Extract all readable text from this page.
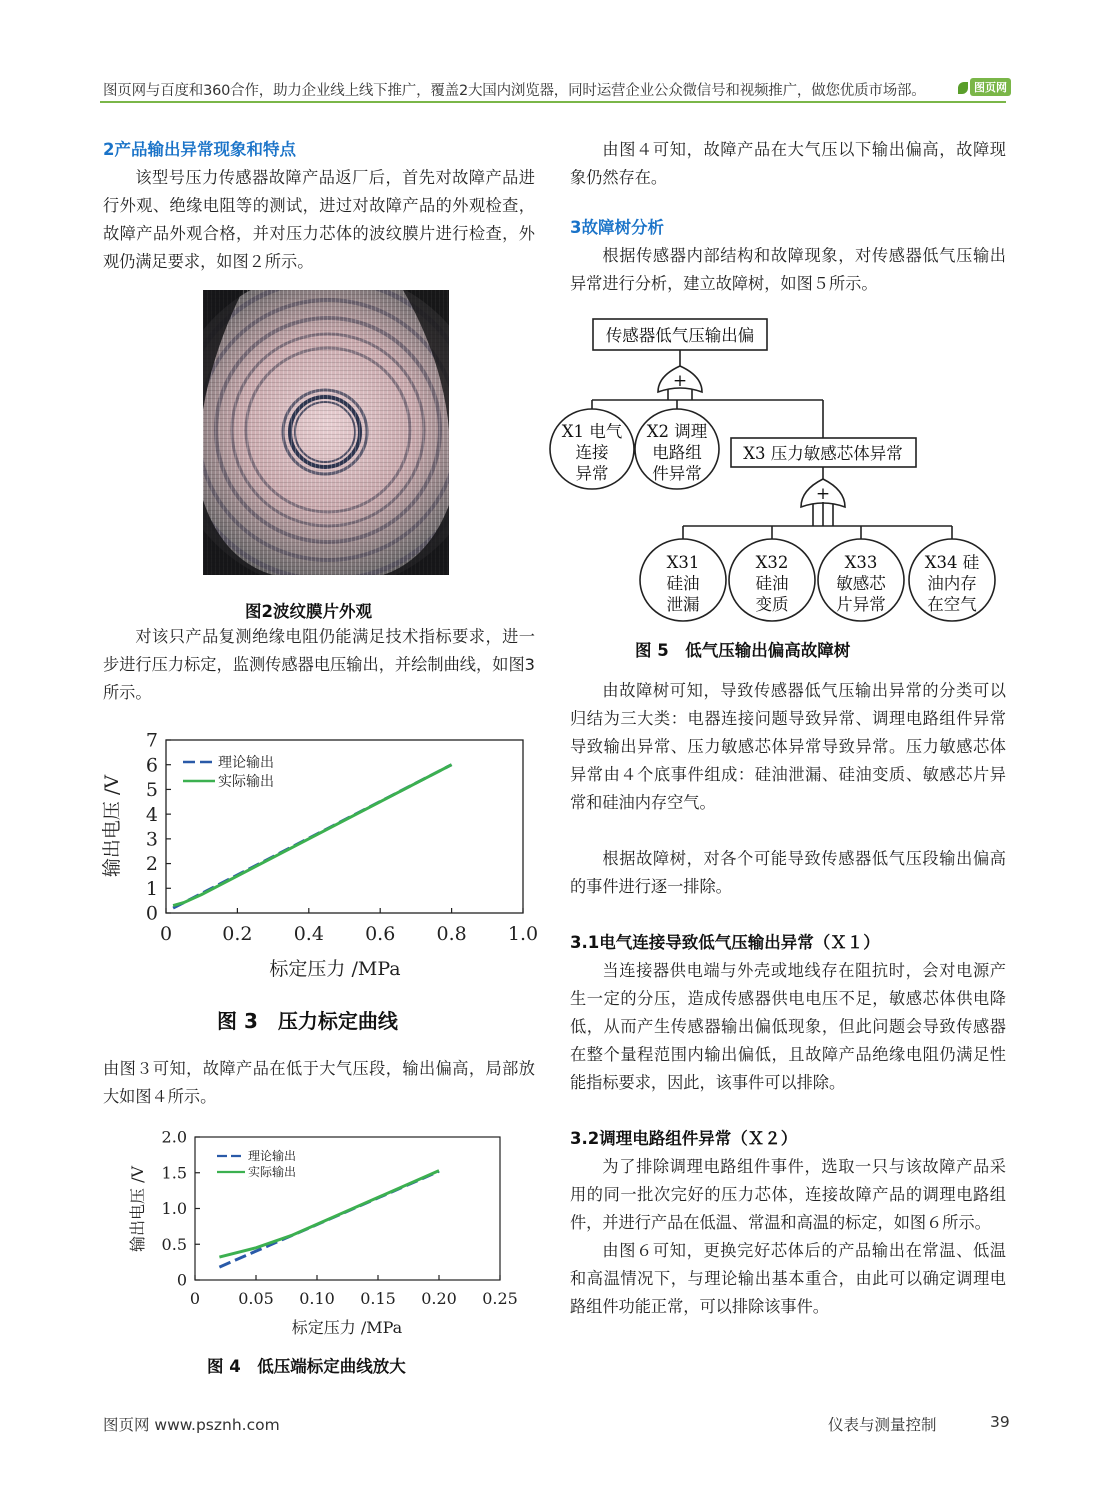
图页网与百度和360合作，助力企业线上线下推广，覆盖2大国内浏览器，同时运营企业公众微信号和视频推广，做您优质市场部。	图页网

2产品输出异常现象和特点

该型号压力传感器故障产品返厂后，首先对故障产品进行外观、绝缘电阻等的测试，进过对故障产品的外观检查，故障产品外观合格，并对压力芯体的波纹膜片进行检查，外观仍满足要求，如图２所示。

图2波纹膜片外观

对该只产品复测绝缘电阻仍能满足技术指标要求，进一步进行压力标定，监测传感器电压输出，并绘制曲线，如图3所示。

0
1
2
3
4
5
6
7
0	0.2 0.4 0.6 0.8 1.0
输出电压 /V
标定压力 /MPa
理论输出
实际输出
图 3　压力标定曲线

由图３可知，故障产品在低于大气压段，输出偏高，局部放大如图４所示。

0
0.5
1.0
1.5
2.0
0 0.05 0.10 0.15 0.20 0.25
输出电压 /V
标定压力 /MPa
理论输出
实际输出
图 4　低压端标定曲线放大

由图４可知，故障产品在大气压以下输出偏高，故障现象仍然存在。

3故障树分析

根据传感器内部结构和故障现象，对传感器低气压输出异常进行分析，建立故障树，如图５所示。

传感器低气压输出偏
+
+
X1 电气
连接
异常
X2 调理
电路组
件异常
X3 压力敏感芯体异常
X31
硅油
泄漏
X32
硅油
变质
X33
敏感芯
片异常
X34 硅
油内存
在空气
图 5　低气压输出偏高故障树

由故障树可知，导致传感器低气压输出异常的分类可以归结为三大类：电器连接问题导致异常、调理电路组件异常导致输出异常、压力敏感芯体异常导致异常。压力敏感芯体异常由４个底事件组成：硅油泄漏、硅油变质、敏感芯片异常和硅油内存空气。

根据故障树，对各个可能导致传感器低气压段输出偏高的事件进行逐一排除。

3.1电气连接导致低气压输出异常（Ｘ１）

当连接器供电端与外壳或地线存在阻抗时，会对电源产生一定的分压，造成传感器供电电压不足，敏感芯体供电降低，从而产生传感器输出偏低现象，但此问题会导致传感器在整个量程范围内输出偏低，且故障产品绝缘电阻仍满足性能指标要求，因此，该事件可以排除。

3.2调理电路组件异常（Ｘ２）

为了排除调理电路组件事件，选取一只与该故障产品采用的同一批次完好的压力芯体，连接故障产品的调理电路组件，并进行产品在低温、常温和高温的标定，如图６所示。

由图６可知，更换完好芯体后的产品输出在常温、低温和高温情况下，与理论输出基本重合，由此可以确定调理电路组件功能正常，可以排除该事件。

图页网 www.psznh.com	仪表与测量控制	39
